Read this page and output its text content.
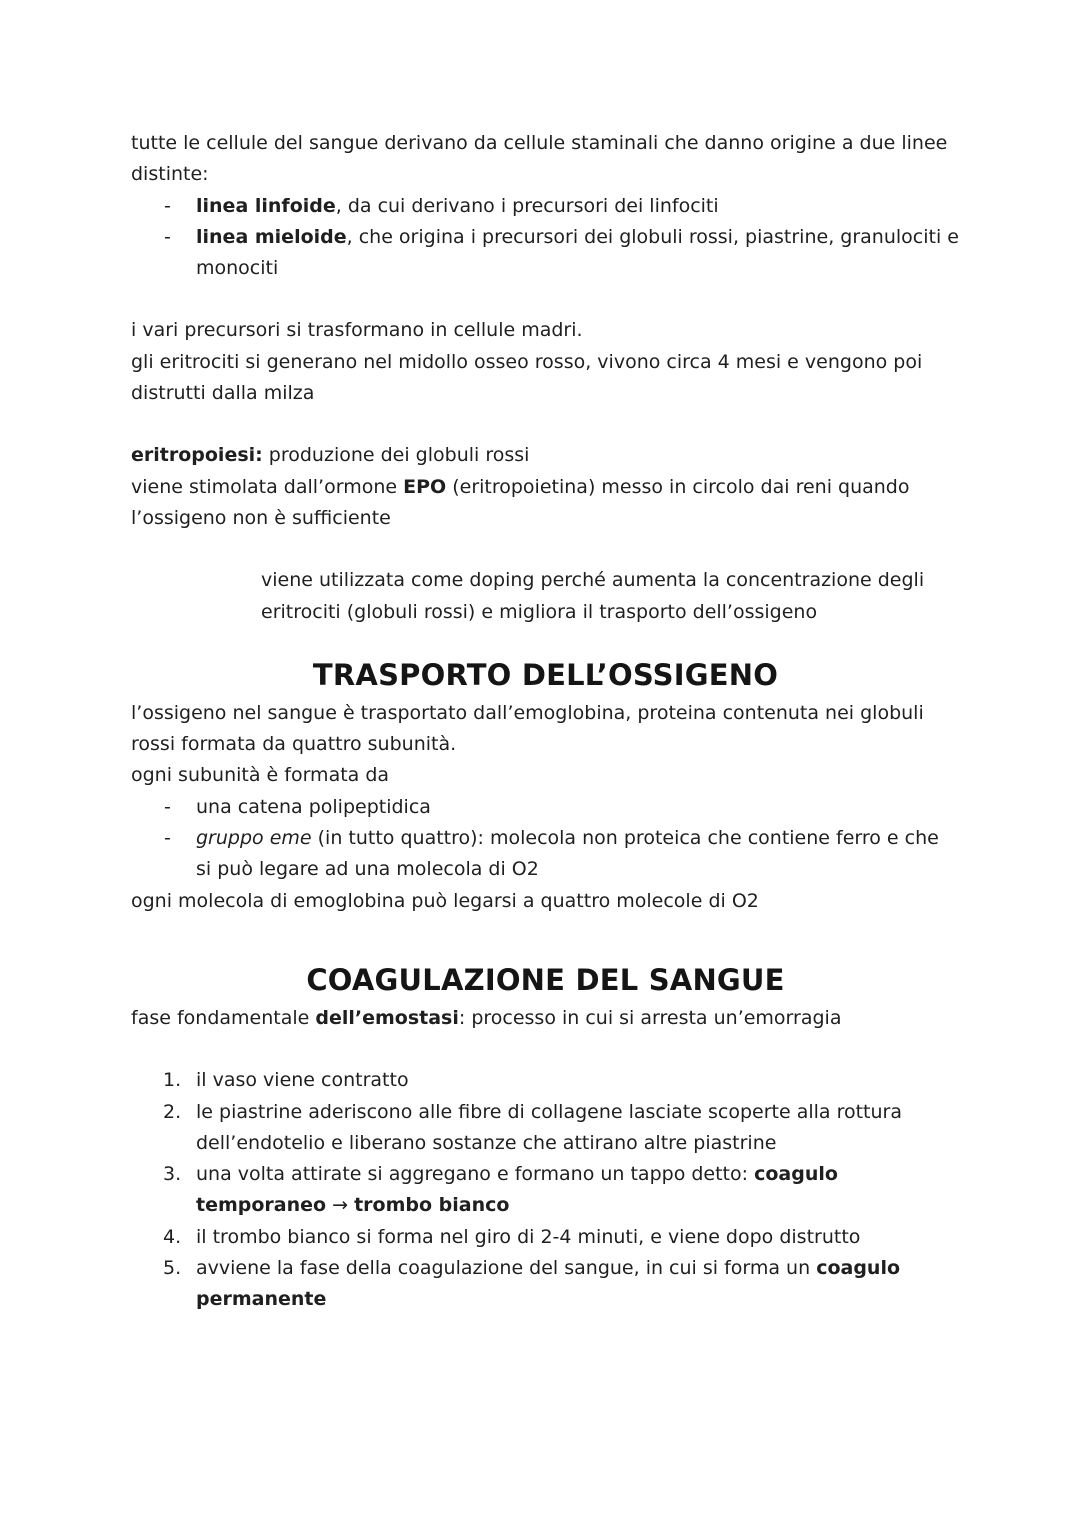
tutte le cellule del sangue derivano da cellule staminali che danno origine a due linee distinte:

- linea linfoide, da cui derivano i precursori dei linfociti
- linea mieloide, che origina i precursori dei globuli rossi, piastrine, granulociti e monociti

i vari precursori si trasformano in cellule madri.

gli eritrociti si generano nel midollo osseo rosso, vivono circa 4 mesi e vengono poi distrutti dalla milza

eritropoiesi: produzione dei globuli rossi

viene stimolata dall’ormone EPO (eritropoietina) messo in circolo dai reni quando l’ossigeno non è sufficiente

viene utilizzata come doping perché aumenta la concentrazione degli eritrociti (globuli rossi) e migliora il trasporto dell’ossigeno

TRASPORTO DELL’OSSIGENO

l’ossigeno nel sangue è trasportato dall’emoglobina, proteina contenuta nei globuli rossi formata da quattro subunità.

ogni subunità è formata da

- una catena polipeptidica
- gruppo eme (in tutto quattro): molecola non proteica che contiene ferro e che si può legare ad una molecola di O2

ogni molecola di emoglobina può legarsi a quattro molecole di O2

COAGULAZIONE DEL SANGUE

fase fondamentale dell’emostasi: processo in cui si arresta un’emorragia

1. il vaso viene contratto
2. le piastrine aderiscono alle fibre di collagene lasciate scoperte alla rottura dell’endotelio e liberano sostanze che attirano altre piastrine
3. una volta attirate si aggregano e formano un tappo detto: coagulo temporaneo → trombo bianco
4. il trombo bianco si forma nel giro di 2-4 minuti, e viene dopo distrutto
5. avviene la fase della coagulazione del sangue, in cui si forma un coagulo permanente
